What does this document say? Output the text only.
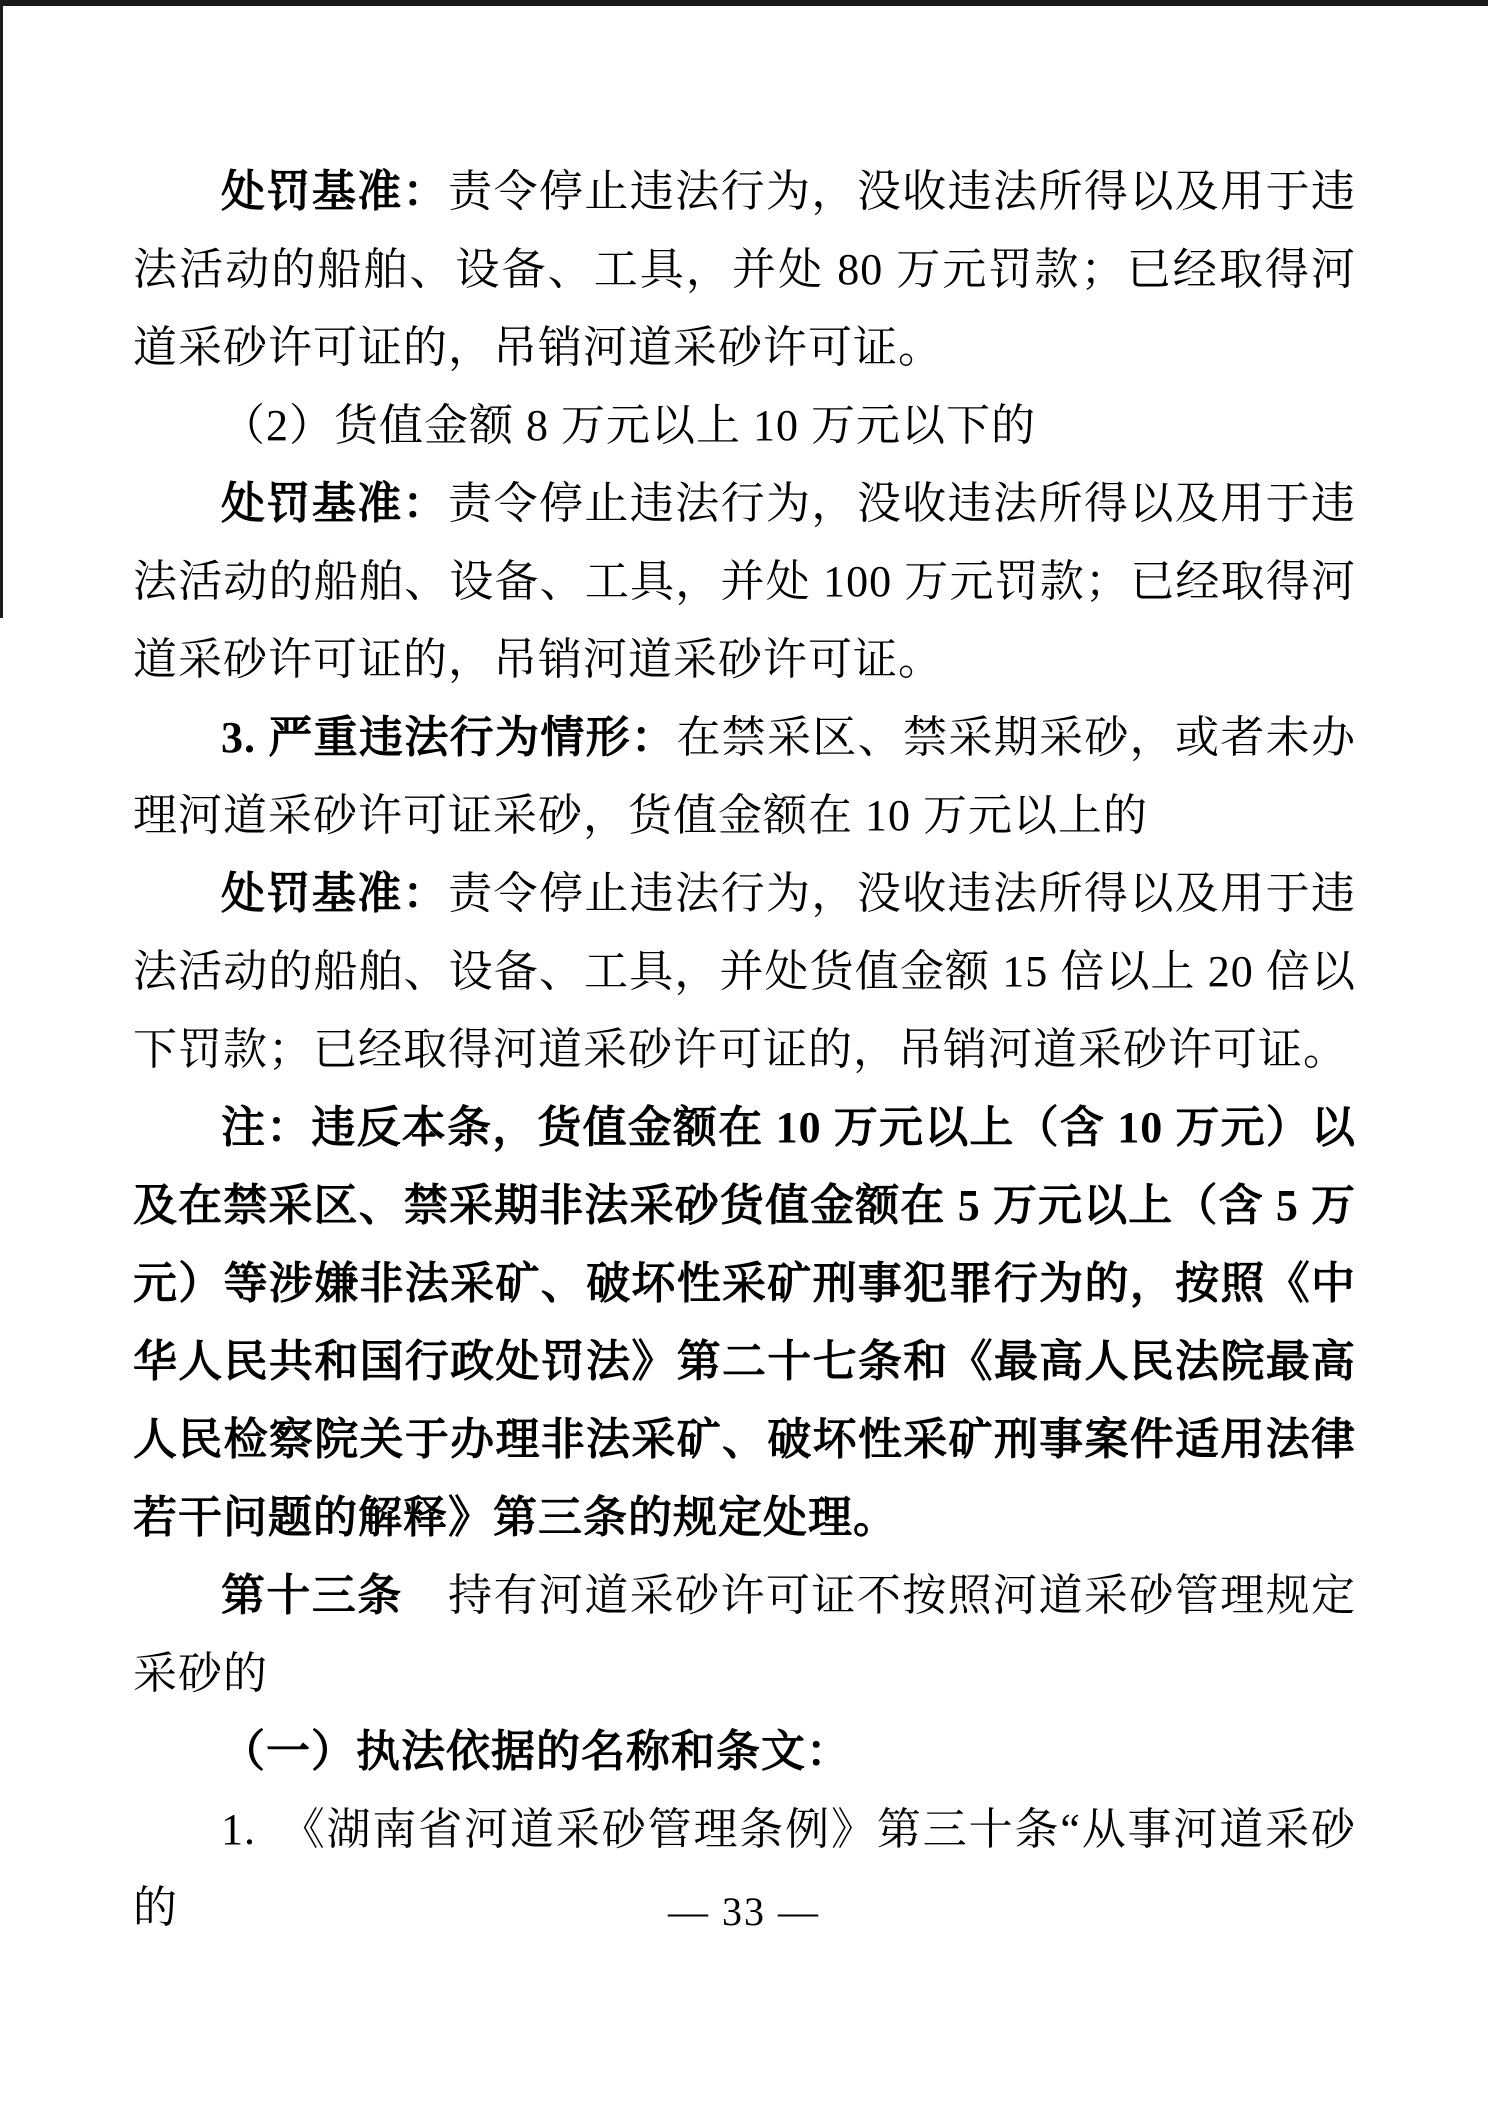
处罚基准：责令停止违法行为，没收违法所得以及用于违法活动的船舶、设备、工具，并处 80 万元罚款；已经取得河道采砂许可证的，吊销河道采砂许可证。

（2）货值金额 8 万元以上 10 万元以下的

处罚基准：责令停止违法行为，没收违法所得以及用于违法活动的船舶、设备、工具，并处 100 万元罚款；已经取得河道采砂许可证的，吊销河道采砂许可证。

3. 严重违法行为情形：在禁采区、禁采期采砂，或者未办理河道采砂许可证采砂，货值金额在 10 万元以上的

处罚基准：责令停止违法行为，没收违法所得以及用于违法活动的船舶、设备、工具，并处货值金额 15 倍以上 20 倍以下罚款；已经取得河道采砂许可证的，吊销河道采砂许可证。

注：违反本条，货值金额在 10 万元以上（含 10 万元）以及在禁采区、禁采期非法采砂货值金额在 5 万元以上（含 5 万元）等涉嫌非法采矿、破坏性采矿刑事犯罪行为的，按照《中华人民共和国行政处罚法》第二十七条和《最高人民法院最高人民检察院关于办理非法采矿、破坏性采矿刑事案件适用法律若干问题的解释》第三条的规定处理。

第十三条　持有河道采砂许可证不按照河道采砂管理规定采砂的

（一）执法依据的名称和条文：

1.　《湖南省河道采砂管理条例》第三十条“从事河道采砂的	— 33 —
